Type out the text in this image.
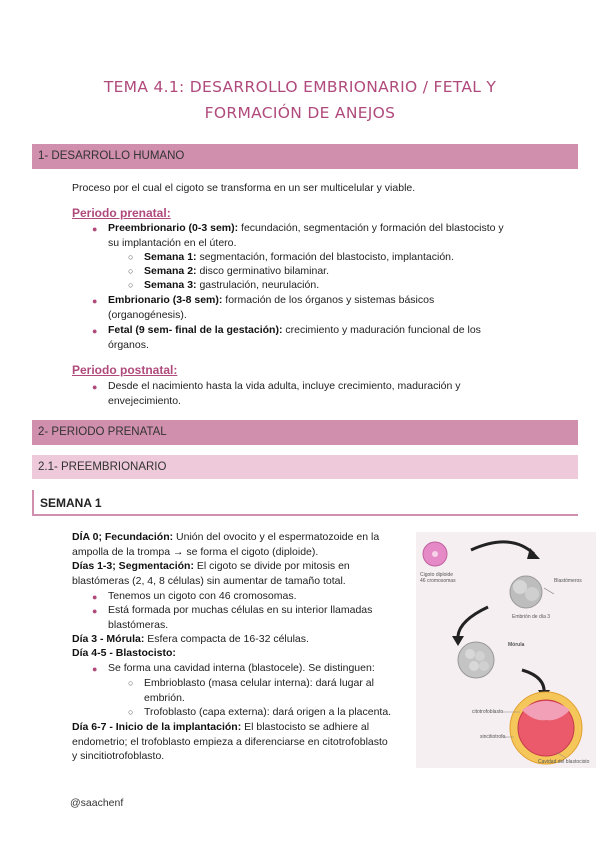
TEMA 4.1: DESARROLLO EMBRIONARIO / FETAL Y
FORMACIÓN DE ANEJOS
1- DESARROLLO HUMANO

Proceso por el cual el cigoto se transforma en un ser multicelular y viable.

Periodo prenatal:
● Preembrionario (0-3 sem): fecundación, segmentación y formación del blastocisto y
su implantación en el útero.

○ Semana 1: segmentación, formación del blastocisto, implantación.

○ Semana 2: disco germinativo bilaminar.

○ Semana 3: gastrulación, neurulación.

● Embrionario (3-8 sem): formación de los órganos y sistemas básicos
(organogénesis).

● Fetal (9 sem- final de la gestación): crecimiento y maduración funcional de los
órganos.

Periodo postnatal:
● Desde el nacimiento hasta la vida adulta, incluye crecimiento, maduración y
envejecimiento.

2- PERIODO PRENATAL
2.1- PREEMBRIONARIO
SEMANA 1

DÍA 0; Fecundación: Unión del ovocito y el espermatozoide en la
ampolla de la trompa → se forma el cigoto (diploide).

Días 1-3; Segmentación: El cigoto se divide por mitosis en
blastómeras (2, 4, 8 células) sin aumentar de tamaño total.

● Tenemos un cigoto con 46 cromosomas.

● Está formada por muchas células en su interior llamadas
blastómeras.

Día 3 - Mórula: Esfera compacta de 16-32 células.

Día 4-5 - Blastocisto:

● Se forma una cavidad interna (blastocele). Se distinguen:

○ Embrioblasto (masa celular interna): dará lugar al
embrión.

○ Trofoblasto (capa externa): dará origen a la placenta.

Día 6-7 - Inicio de la implantación: El blastocisto se adhiere al
endometrio; el trofoblasto empieza a diferenciarse en citotrofoblasto
y sincitiotrofoblasto.

Cigoto diploide
46 cromosomas	Blastómeros
Embrión de día 3
Mórula
citotrofoblasto
sincitiotrofo.
Cavidad del blastocisto
@saachenf
